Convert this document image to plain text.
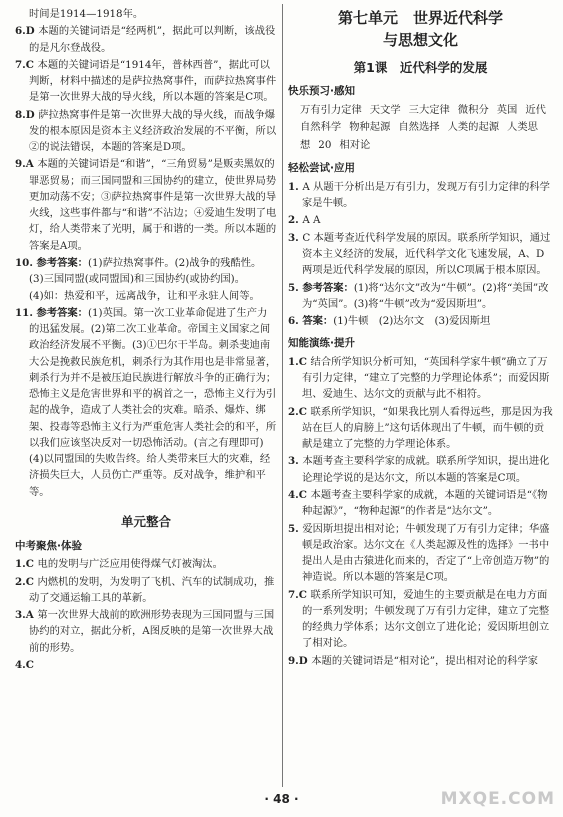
时间是1914—1918年。

6.D 本题的关键词语是“经两机”，据此可以判断，该战役的是凡尔登战役。

7.C 本题的关键词语是“1914年，普林西普”，据此可以判断，材料中描述的是萨拉热窝事件，而萨拉热窝事件是第一次世界大战的导火线，所以本题的答案是C项。

8.D 萨拉热窝事件是第一次世界大战的导火线，而战争爆发的根本原因是资本主义经济政治发展的不平衡，所以②的说法错误，本题的答案是D项。

9.A 本题的关键词语是“和谐”，“三角贸易”是贩卖黑奴的罪恶贸易；而三国同盟和三国协约的建立，使世界局势更加动荡不安；③萨拉热窝事件是第一次世界大战的导火线，这些事件都与“和谐”不沾边；④爱迪生发明了电灯，给人类带来了光明，属于和谐的一类。所以本题的答案是A项。

10. 参考答案：(1)萨拉热窝事件。(2)战争的残酷性。
(3)三国同盟(或同盟国)和三国协约(或协约国)。
(4)如：热爱和平，远离战争，让和平永驻人间等。

11. 参考答案：(1)英国。第一次工业革命促进了生产力的迅猛发展。(2)第二次工业革命。帝国主义国家之间政治经济发展不平衡。(3)①巴尔干半岛。刺杀斐迪南大公是挽救民族危机，刺杀行为其作用也是非常显著，刺杀行为并不是被压迫民族进行解放斗争的正确行为；恐怖主义是危害世界和平的祸首之一，恐怖主义行为引起的战争，造成了人类社会的灾难。暗杀、爆炸、绑架、投毒等恐怖主义行为严重危害人类社会的和平，所以我们应该坚决反对一切恐怖活动。(言之有理即可) (4)以同盟国的失败告终。给人类带来巨大的灾难，经济损失巨大，人员伤亡严重等。反对战争，维护和平等。

单元整合
中考聚焦·体验

1.C 电的发明与广泛应用使得煤气灯被淘汰。

2.C 内燃机的发明，为发明了飞机、汽车的试制成功，推动了交通运输工具的革新。

3.A 第一次世界大战前的欧洲形势表现为三国同盟与三国协约的对立，据此分析，A图反映的是第一次世界大战前的形势。

4.C

第七单元　世界近代科学
与思想文化
第1课　近代科学的发展
快乐预习·感知
万有引力定律 天文学 三大定律 微积分 英国 近代自然科学 物种起源 自然选择 人类的起源 人类思想 20 相对论
轻松尝试·应用

1. A 从题干分析出是万有引力，发现万有引力定律的科学家是牛顿。

2. A A

3. C 本题考查近代科学发展的原因。联系所学知识，通过资本主义经济的发展，近代科学文化飞速发展，A、D两项是近代科学发展的原因，所以C项属于根本原因。

5. 参考答案：(1)将“达尔文”改为“牛顿”。(2)将“美国”改为“英国”。(3)将“牛顿”改为“爱因斯坦”。

6. 答案：(1)牛顿　(2)达尔文　(3)爱因斯坦

知能演练·提升

1.C 结合所学知识分析可知，“英国科学家牛顿”确立了万有引力定律，“建立了完整的力学理论体系”；而爱因斯坦、爱迪生、达尔文的贡献与此不相符。

2.C 联系所学知识，“如果我比别人看得远些，那是因为我站在巨人的肩膀上”这句话体现出了牛顿，而牛顿的贡献是建立了完整的力学理论体系。

3. 本题考查主要科学家的成就。联系所学知识，提出进化论理论学说的是达尔文，所以本题的答案是C项。

4.C 本题考查主要科学家的成就，本题的关键词语是“《物种起源》”，“物种起源”的作者是“达尔文”。

5. 爱因斯坦提出相对论；牛顿发现了万有引力定律；华盛顿是政治家。达尔文在《人类起源及性的选择》一书中提出人是由古猿进化而来的，否定了“上帝创造万物”的神造说。所以本题的答案是C项。

7.C 联系所学知识可知，爱迪生的主要贡献是在电力方面的一系列发明；牛顿发现了万有引力定律，建立了完整的经典力学体系；达尔文创立了进化论；爱因斯坦创立了相对论。

9.D 本题的关键词语是“相对论”，提出相对论的科学家

· 48 ·	MXQE.COM
